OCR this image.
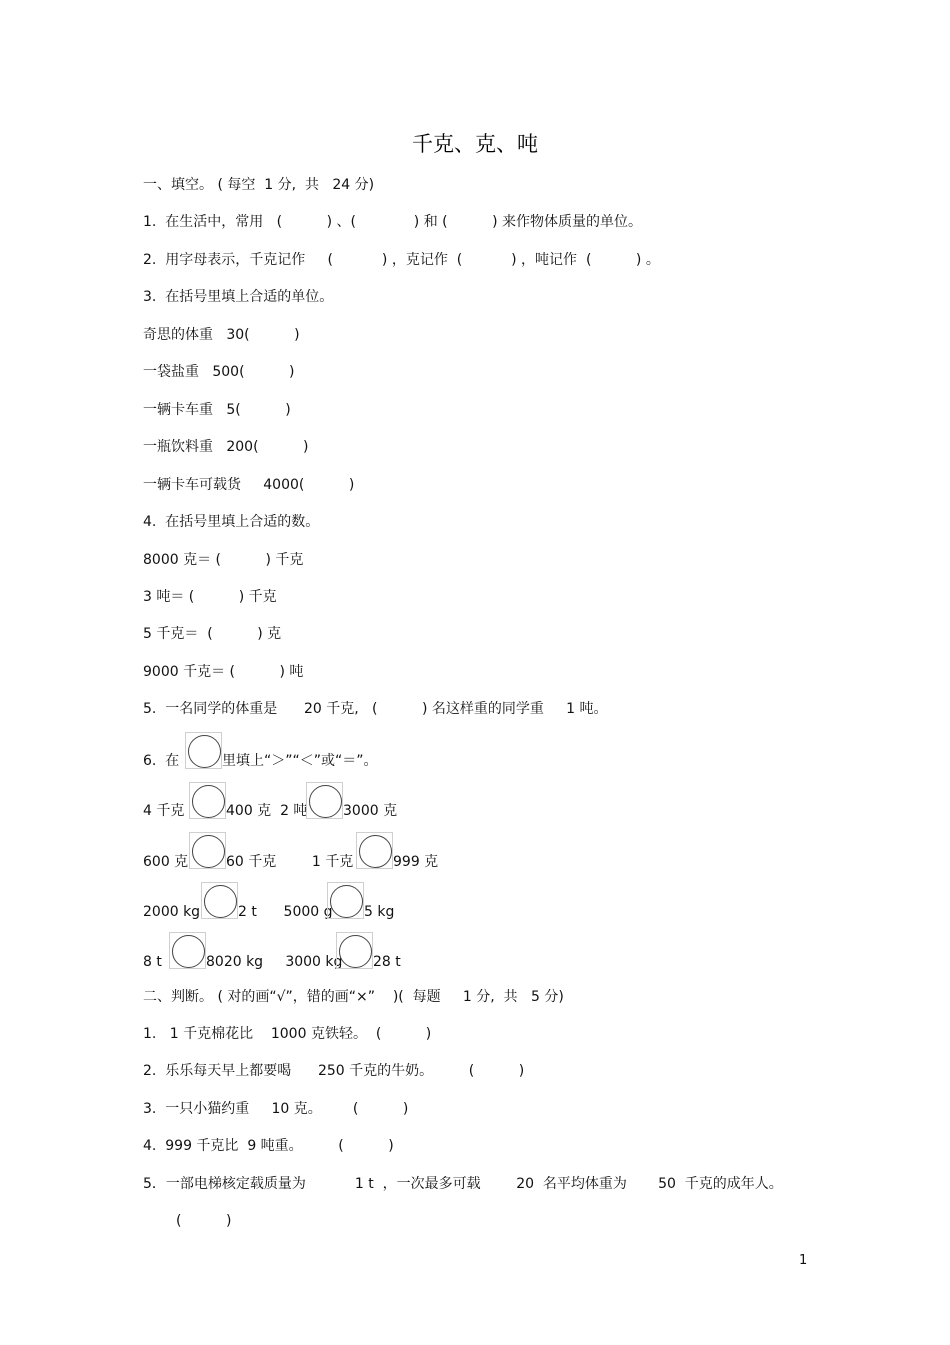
千克、克、吨
一、填空。 ( 每空  1 分,  共   24 分)
1.  在生活中，常用   (          ) 、(             ) 和 (          ) 来作物体质量的单位。
2.  用字母表示，千克记作     (           ) ，克记作  (           ) ，吨记作  (          ) 。
3.  在括号里填上合适的单位。
奇思的体重   30(          )
一袋盐重   500(          )
一辆卡车重   5(          )
一瓶饮料重   200(          )
一辆卡车可载货     4000(          )
4.  在括号里填上合适的数。
8000 克＝ (          ) 千克
3 吨＝ (          ) 千克
5 千克＝  (          ) 克
9000 千克＝ (          ) 吨
5.  一名同学的体重是      20 千克,   (          ) 名这样重的同学重     1 吨。
6.  在	里填上“＞”“＜”或“＝”。
4 千克	400 克  2 吨	3000 克
600 克	60 千克        1 千克	999 克
2000 kg	2 t      5000 g 5 kg
8 t	8020 kg     3000 kg 28 t
二、判断。 ( 对的画“√”，错的画“×”    )(  每题     1 分,  共   5 分)
1.   1 千克棉花比    1000 克铁轻。  (          )
2.  乐乐每天早上都要喝      250 千克的牛奶。        (          )
3.  一只小猫约重     10 克。       (          )
4.  999 千克比  9 吨重。        (          )
5．一部电梯核定载质量为           1 t  ，一次最多可载        20  名平均体重为       50  千克的成年人。
(          )
1
